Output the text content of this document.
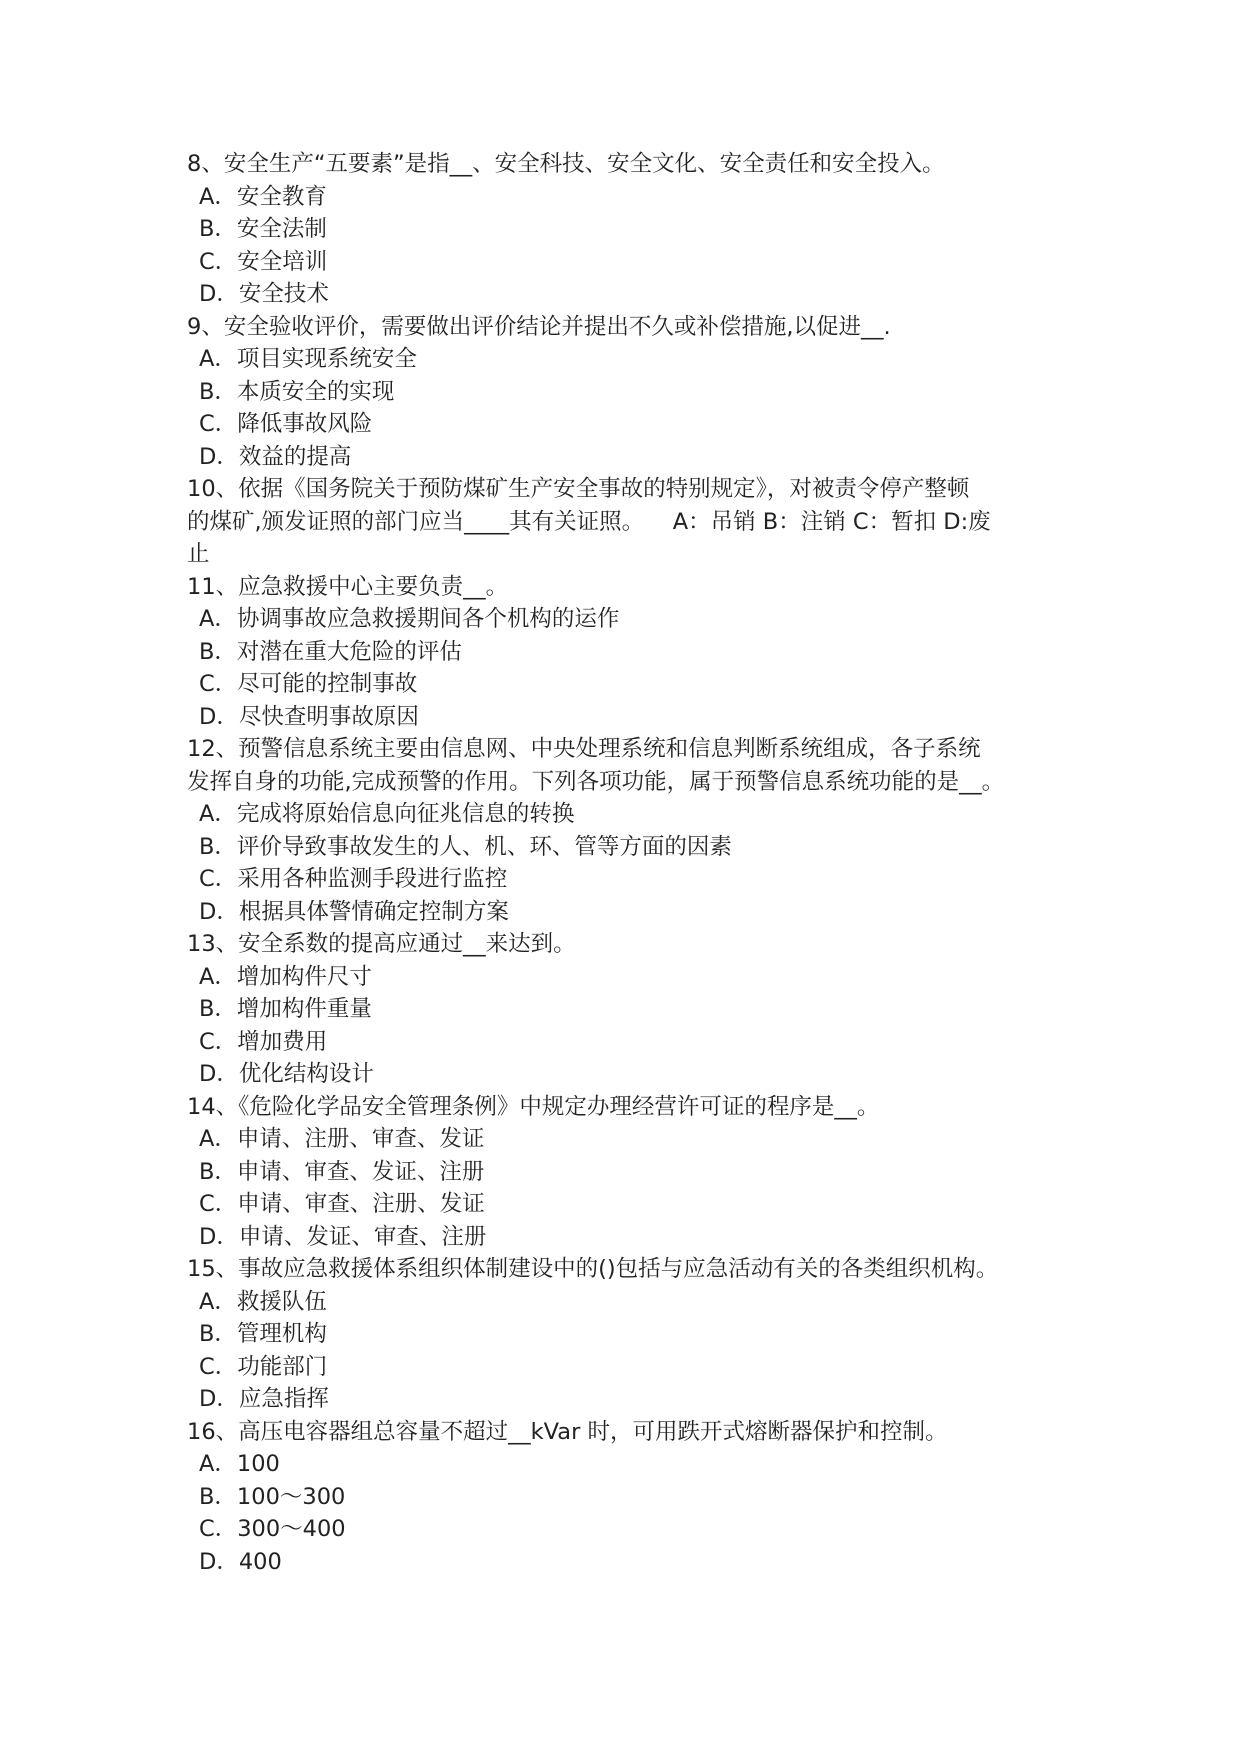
8、安全生产“五要素”是指__、安全科技、安全文化、安全责任和安全投入。
A．安全教育
B．安全法制
C．安全培训
D．安全技术
9、安全验收评价，需要做出评价结论并提出不久或补偿措施,以促进__.
A．项目实现系统安全
B．本质安全的实现
C．降低事故风险
D．效益的提高
10、依据《国务院关于预防煤矿生产安全事故的特别规定》，对被责令停产整顿
的煤矿,颁发证照的部门应当____其有关证照。    A：吊销 B：注销 C：暂扣 D:废
止
11、应急救援中心主要负责__。
A．协调事故应急救援期间各个机构的运作
B．对潜在重大危险的评估
C．尽可能的控制事故
D．尽快查明事故原因
12、预警信息系统主要由信息网、中央处理系统和信息判断系统组成，各子系统
发挥自身的功能,完成预警的作用。下列各项功能，属于预警信息系统功能的是__。
A．完成将原始信息向征兆信息的转换
B．评价导致事故发生的人、机、环、管等方面的因素
C．采用各种监测手段进行监控
D．根据具体警情确定控制方案
13、安全系数的提高应通过__来达到。
A．增加构件尺寸
B．增加构件重量
C．增加费用
D．优化结构设计
14、《危险化学品安全管理条例》中规定办理经营许可证的程序是__。
A．申请、注册、审查、发证
B．申请、审查、发证、注册
C．申请、审查、注册、发证
D．申请、发证、审查、注册
15、事故应急救援体系组织体制建设中的()包括与应急活动有关的各类组织机构。
A．救援队伍
B．管理机构
C．功能部门
D．应急指挥
16、高压电容器组总容量不超过__kVar 时，可用跌开式熔断器保护和控制。
A．100
B．100～300
C．300～400
D．400
